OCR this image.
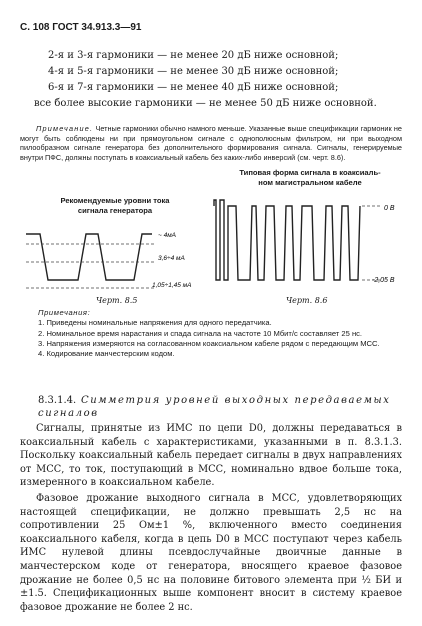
С. 108 ГОСТ 34.913.3—91
2-я и 3-я гармоники — не менее 20 дБ ниже основной;
4-я и 5-я гармоники — не менее 30 дБ ниже основной;
6-я и 7-я гармоники — не менее 40 дБ ниже основной;
все более высокие гармоники — не менее 50 дБ ниже основной.
Примечание. Четные гармоники обычно намного меньше. Указанные выше спецификации гармоник не могут быть соблюдены ни при прямоугольном сигнале с однополюсным фильтром, ни при выходном пилообразном сигнале генератора без дополнительного формирования сигнала. Сигналы, генерируемые внутри ПФС, должны поступать в коаксиальный кабель без каких-либо инверсий (см. черт. 8.6).
Рекомендуемые уровни тока
сигнала генератора
~ 4мА
3,6÷4 мА
1,05÷1,45 мА
Черт. 8.5
Типовая форма сигнала в коаксиаль-
ном магистральном кабеле
0 В
-2,05 В
Черт. 8.6
Примечания:
1. Приведены номинальные напряжения для одного передатчика.
2. Номинальное время нарастания и спада сигнала на частоте 10 Мбит/с составляет 25 нс.
3. Напряжения измеряются на согласованном коаксиальном кабеле рядом с передающим МСС.
4. Кодирование манчестерским кодом.
8.3.1.4. Симметрия уровней выходных передаваемых сигналов
Сигналы, принятые из ИМС по цепи D0, должны передаваться в коаксиальный кабель с характеристиками, указанными в п. 8.3.1.3. Поскольку коаксиальный кабель передает сигналы в двух направлениях от МСС, то ток, поступающий в МСС, номинально вдвое больше тока, измеренного в коаксиальном кабеле.
Фазовое дрожание выходного сигнала в МСС, удовлетворяющих настоящей спецификации, не должно превышать 2,5 нс на сопротивлении 25 Ом±1 %, включенного вместо соединения коаксиального кабеля, когда в цепь D0 в МСС поступают через кабель ИМС нулевой длины псевдослучайные двоичные данные в манчестерском коде от генератора, вносящего краевое фазовое дрожание не более 0,5 нс на половине битового элемента при ½ БИ и ±1.5. Спецификационных выше компонент вносит в систему краевое фазовое дрожание не более 2 нс.
